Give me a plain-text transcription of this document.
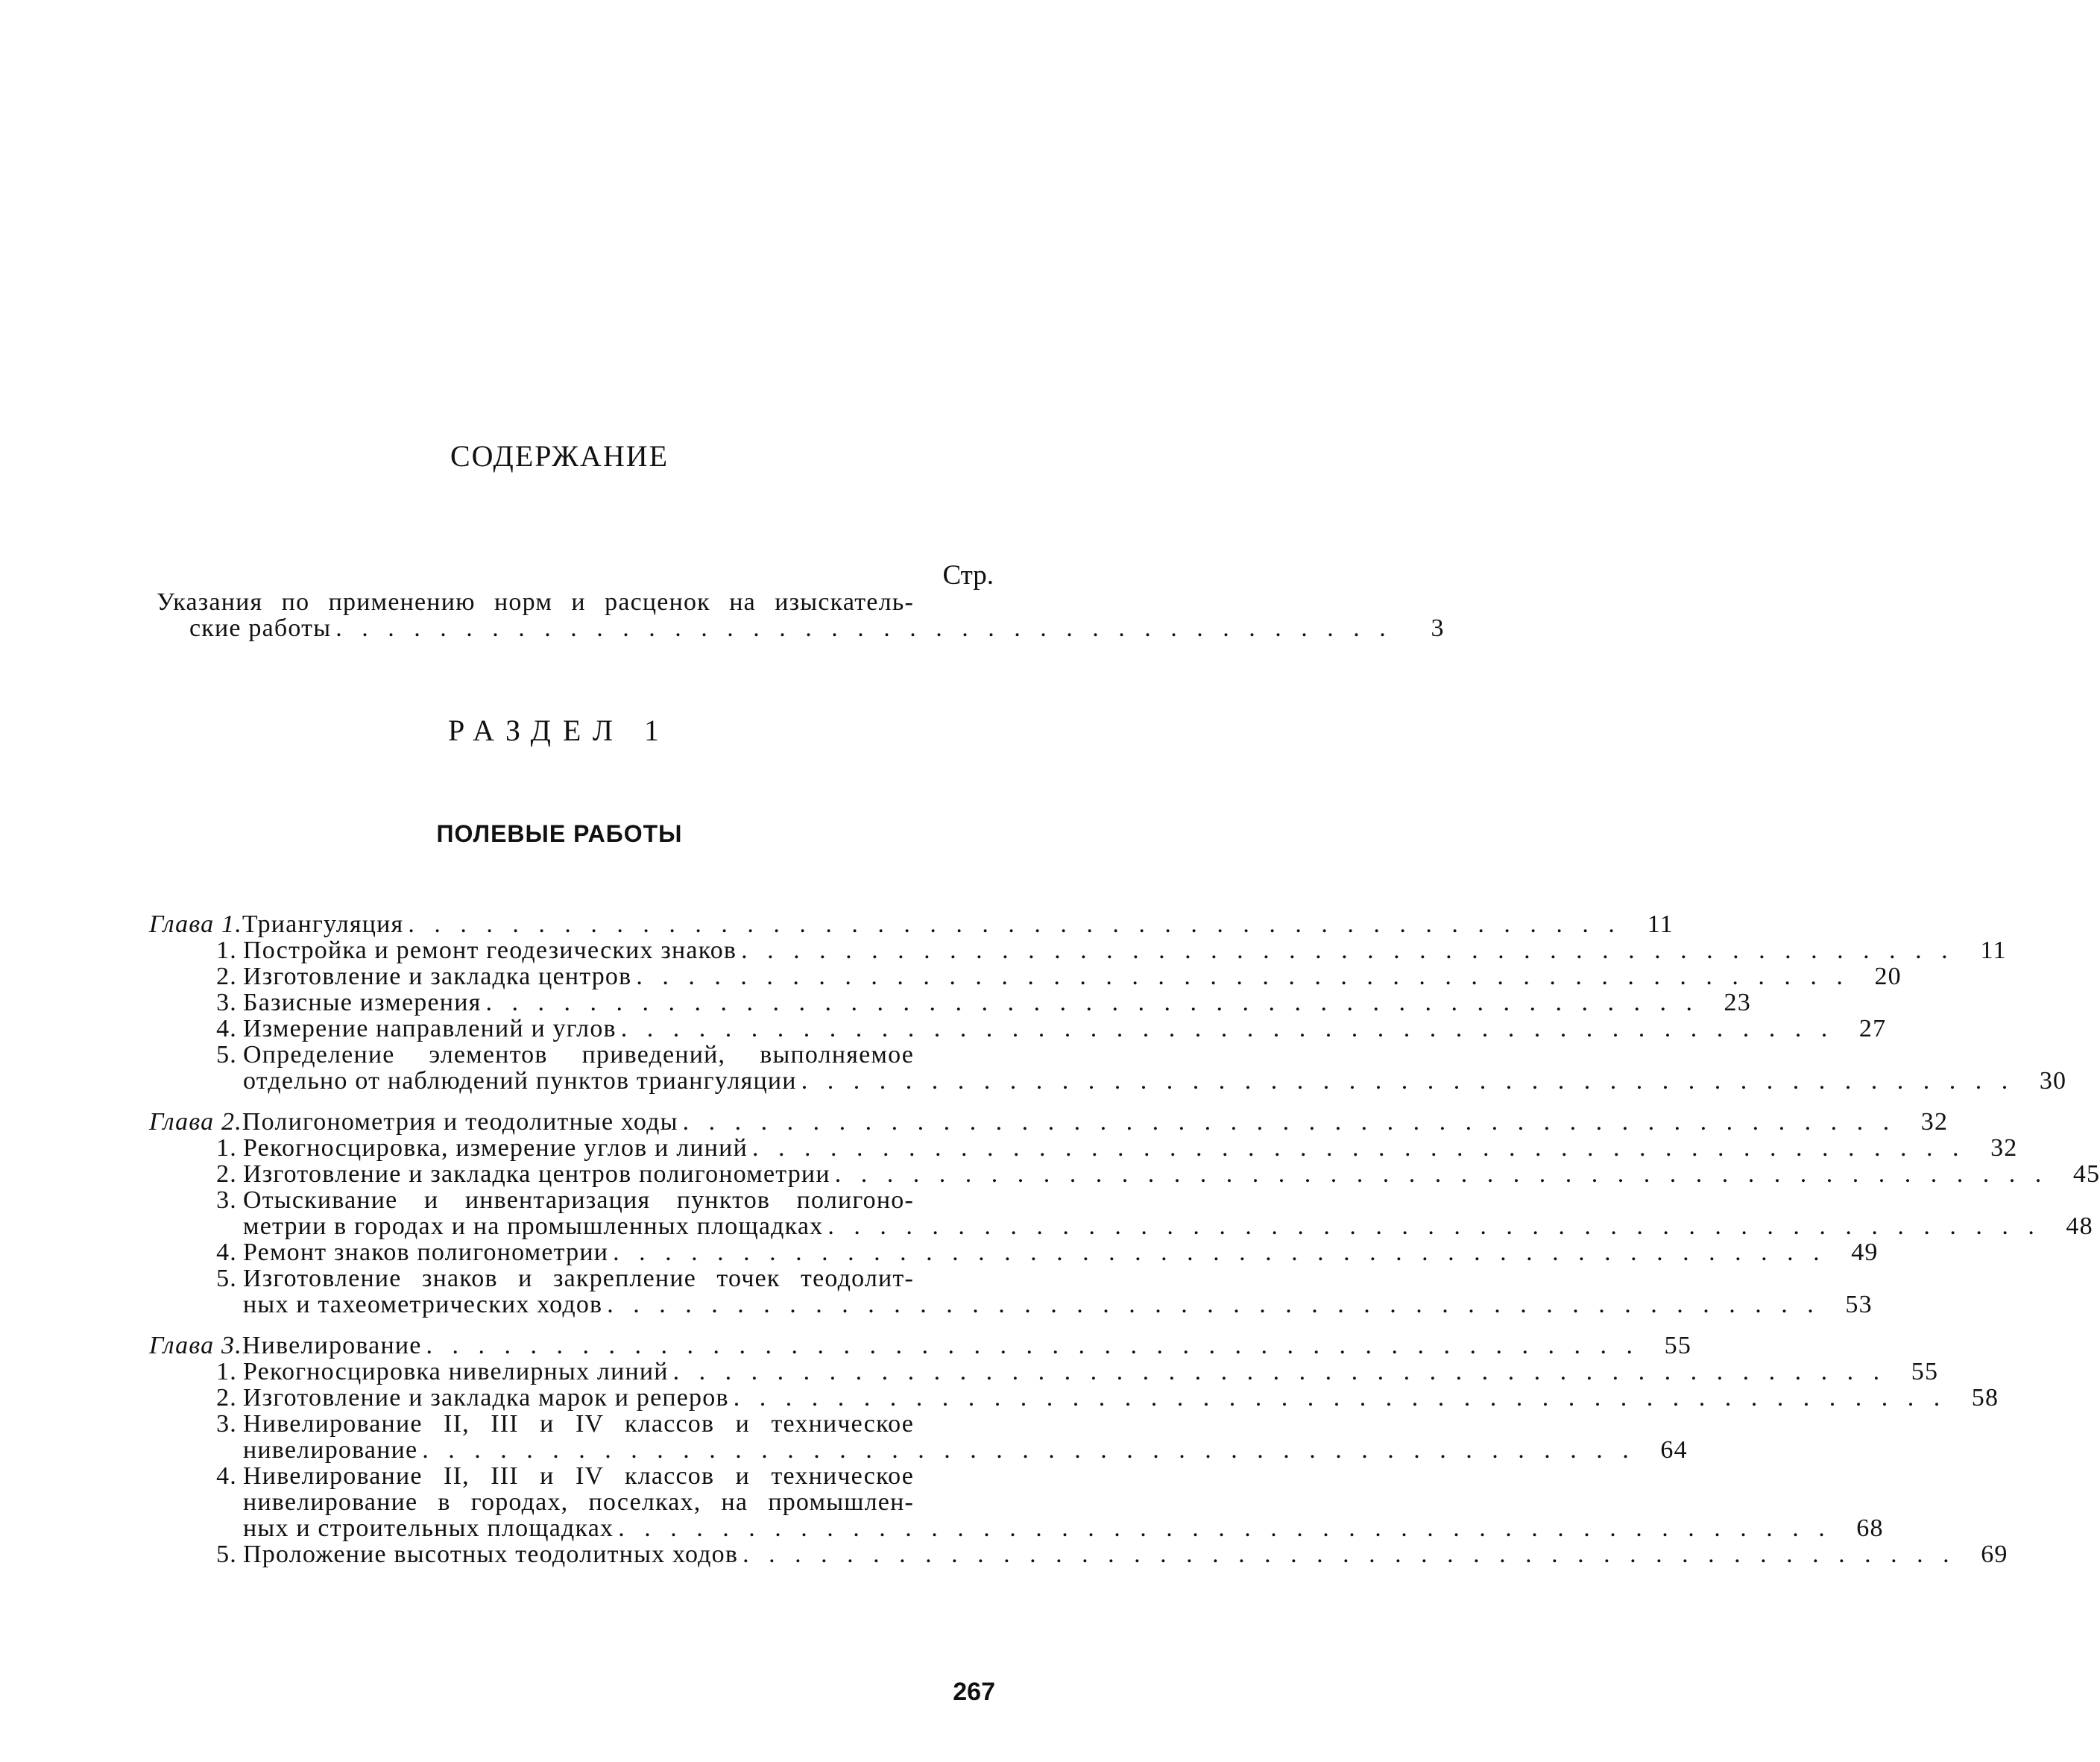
СОДЕРЖАНИЕ
Стр.
Указания по применению норм и расценок на изыскатель-
ские работы . . . . . . . . . . . . . . . . . . . . . . . . . . . . . . . . . . . . . . . . .	3
РАЗДЕЛ 1
ПОЛЕВЫЕ РАБОТЫ
Глава 1. Триангуляция . . . . . . . . . . . . . . . . . . . . . . . . . . . . . . . . . . . . . . . . . . . . . . .	11
1. Постройка и ремонт геодезических знаков . . . . . . . . . . . . . . . . . . . . . . . . . . . . . . . . . . . . . . . . . . . . . . .	11
2. Изготовление и закладка центров . . . . . . . . . . . . . . . . . . . . . . . . . . . . . . . . . . . . . . . . . . . . . . . 20
3. Базисные измерения . . . . . . . . . . . . . . . . . . . . . . . . . . . . . . . . . . . . . . . . . . . . . . . 23
4. Измерение направлений и углов . . . . . . . . . . . . . . . . . . . . . . . . . . . . . . . . . . . . . . . . . . . . . . . 27
5. Определение элементов приведений, выполняемое
отдельно от наблюдений пунктов триангуляции . . . . . . . . . . . . . . . . . . . . . . . . . . . . . . . . . . . . . . . . . . . . . . . 30
Глава 2. Полигонометрия и теодолитные ходы . . . . . . . . . . . . . . . . . . . . . . . . . . . . . . . . . . . . . . . . . . . . . . . 32
1. Рекогносцировка, измерение углов и линий . . . . . . . . . . . . . . . . . . . . . . . . . . . . . . . . . . . . . . . . . . . . . . . 32
2. Изготовление и закладка центров полигонометрии . . . . . . . . . . . . . . . . . . . . . . . . . . . . . . . . . . . . . . . . . . . . . . . 45
3. Отыскивание и инвентаризация пунктов полигоно-
метрии в городах и на промышленных площадках . . . . . . . . . . . . . . . . . . . . . . . . . . . . . . . . . . . . . . . . . . . . . . . 48
4. Ремонт знаков полигонометрии . . . . . . . . . . . . . . . . . . . . . . . . . . . . . . . . . . . . . . . . . . . . . . . 49
5. Изготовление знаков и закрепление точек теодолит-
ных и тахеометрических ходов . . . . . . . . . . . . . . . . . . . . . . . . . . . . . . . . . . . . . . . . . . . . . . . 53
Глава 3. Нивелирование . . . . . . . . . . . . . . . . . . . . . . . . . . . . . . . . . . . . . . . . . . . . . . . 55
1. Рекогносцировка нивелирных линий . . . . . . . . . . . . . . . . . . . . . . . . . . . . . . . . . . . . . . . . . . . . . . . 55
2. Изготовление и закладка марок и реперов . . . . . . . . . . . . . . . . . . . . . . . . . . . . . . . . . . . . . . . . . . . . . . . 58
3. Нивелирование II, III и IV классов и техническое
нивелирование . . . . . . . . . . . . . . . . . . . . . . . . . . . . . . . . . . . . . . . . . . . . . . . 64
4. Нивелирование II, III и IV классов и техническое
нивелирование в городах, поселках, на промышлен-
ных и строительных площадках . . . . . . . . . . . . . . . . . . . . . . . . . . . . . . . . . . . . . . . . . . . . . . . 68
5. Проложение высотных теодолитных ходов . . . . . . . . . . . . . . . . . . . . . . . . . . . . . . . . . . . . . . . . . . . . . . . 69
267
